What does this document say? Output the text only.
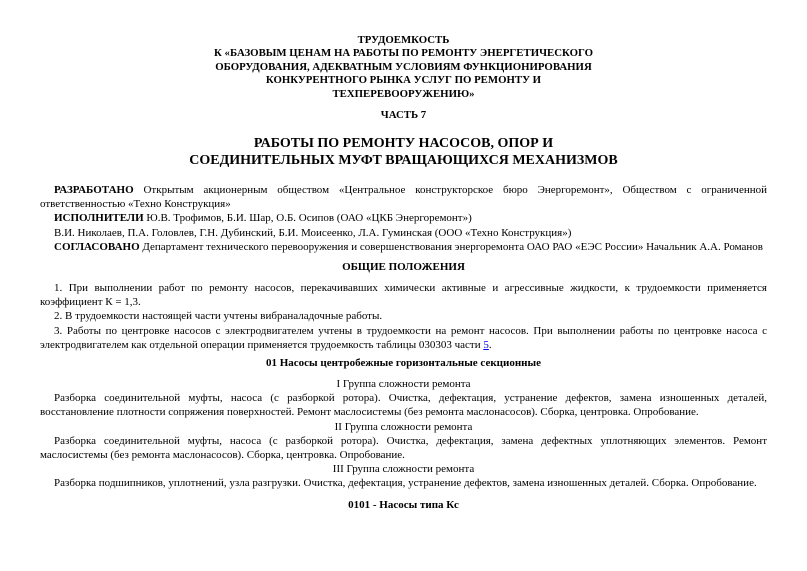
ТРУДОЕМКОСТЬ
К «БАЗОВЫМ ЦЕНАМ НА РАБОТЫ ПО РЕМОНТУ ЭНЕРГЕТИЧЕСКОГО
ОБОРУДОВАНИЯ, АДЕКВАТНЫМ УСЛОВИЯМ ФУНКЦИОНИРОВАНИЯ
КОНКУРЕНТНОГО РЫНКА УСЛУГ ПО РЕМОНТУ И
ТЕХПЕРЕВООРУЖЕНИЮ»
ЧАСТЬ 7
РАБОТЫ ПО РЕМОНТУ НАСОСОВ, ОПОР И
СОЕДИНИТЕЛЬНЫХ МУФТ ВРАЩАЮЩИХСЯ МЕХАНИЗМОВ

РАЗРАБОТАНО Открытым акционерным обществом «Центральное конструкторское бюро Энергоремонт», Обществом с ограниченной ответственностью «Техно Конструкция»

ИСПОЛНИТЕЛИ Ю.В. Трофимов, Б.И. Шар, О.Б. Осипов (ОАО «ЦКБ Энергоремонт»)

В.И. Николаев, П.А. Головлев, Г.Н. Дубинский, Б.И. Моисеенко, Л.А. Гуминская (ООО «Техно Конструкция»)

СОГЛАСОВАНО Департамент технического перевооружения и совершенствования энергоремонта ОАО РАО «ЕЭС России» Начальник А.А. Романов

ОБЩИЕ ПОЛОЖЕНИЯ

1. При выполнении работ по ремонту насосов, перекачивавших химически активные и агрессивные жидкости, к трудоемкости применяется коэффициент К = 1,3.

2. В трудоемкости настоящей части учтены вибраналадочные работы.

3. Работы по центровке насосов с электродвигателем учтены в трудоемкости на ремонт насосов. При выполнении работы по центровке насоса с электродвигателем как отдельной операции применяется трудоемкость таблицы 030303 части 5.

01 Насосы центробежные горизонтальные секционные
I Группа сложности ремонта

Разборка соединительной муфты, насоса (с разборкой ротора). Очистка, дефектация, устранение дефектов, замена изношенных деталей, восстановление плотности сопряжения поверхностей. Ремонт маслосистемы (без ремонта маслонасосов). Сборка, центровка. Опробование.

II Группа сложности ремонта

Разборка соединительной муфты, насоса (с разборкой ротора). Очистка, дефектация, замена дефектных уплотняющих элементов. Ремонт маслосистемы (без ремонта маслонасосов). Сборка, центровка. Опробование.

III Группа сложности ремонта

Разборка подшипников, уплотнений, узла разгрузки. Очистка, дефектация, устранение дефектов, замена изношенных деталей. Сборка. Опробование.

0101 - Насосы типа Кс
